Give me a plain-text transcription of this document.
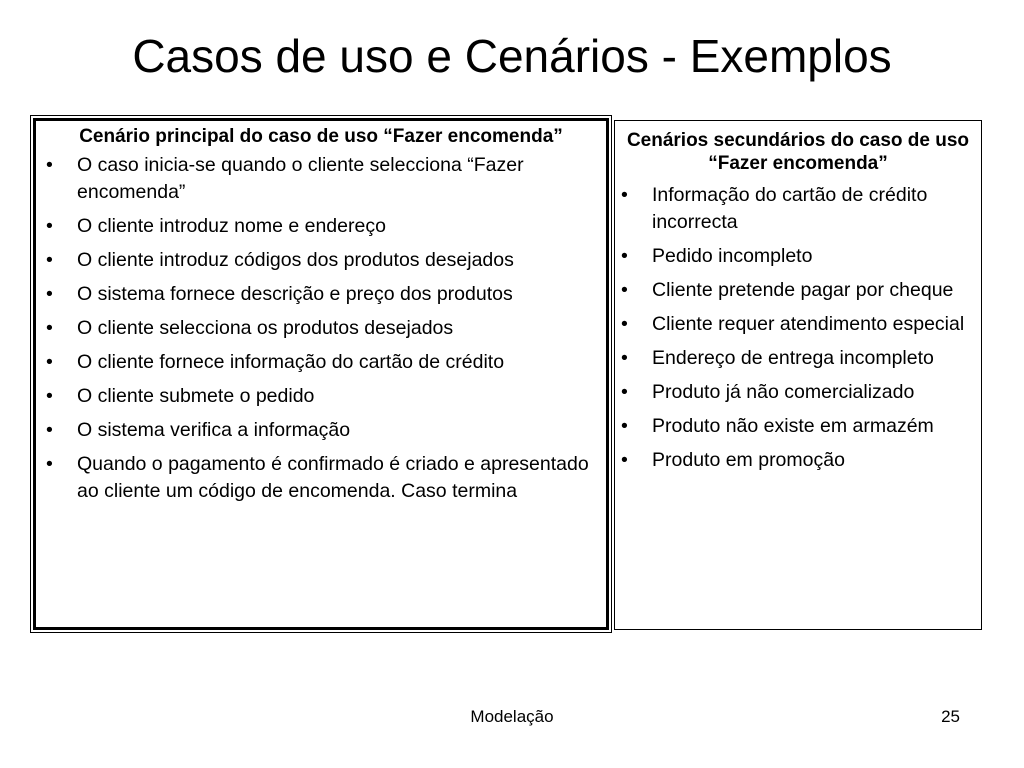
Casos de uso e Cenários - Exemplos

Cenário principal do caso de uso “Fazer encomenda”

• O caso inicia-se quando o cliente selecciona “Fazer encomenda”
• O cliente introduz nome e endereço
• O cliente introduz códigos dos produtos desejados
• O sistema fornece descrição e preço dos produtos
• O cliente selecciona os produtos desejados
• O cliente fornece informação do cartão de crédito
• O cliente submete o pedido
• O sistema verifica a informação
• Quando o pagamento é confirmado é criado e apresentado ao cliente um código de encomenda. Caso termina

Cenários secundários do caso de uso “Fazer encomenda”

• Informação do cartão de crédito incorrecta
• Pedido incompleto
• Cliente pretende pagar por cheque
• Cliente requer atendimento especial
• Endereço de entrega incompleto
• Produto já não comercializado
• Produto não existe em armazém
• Produto em promoção
Modelação	25
